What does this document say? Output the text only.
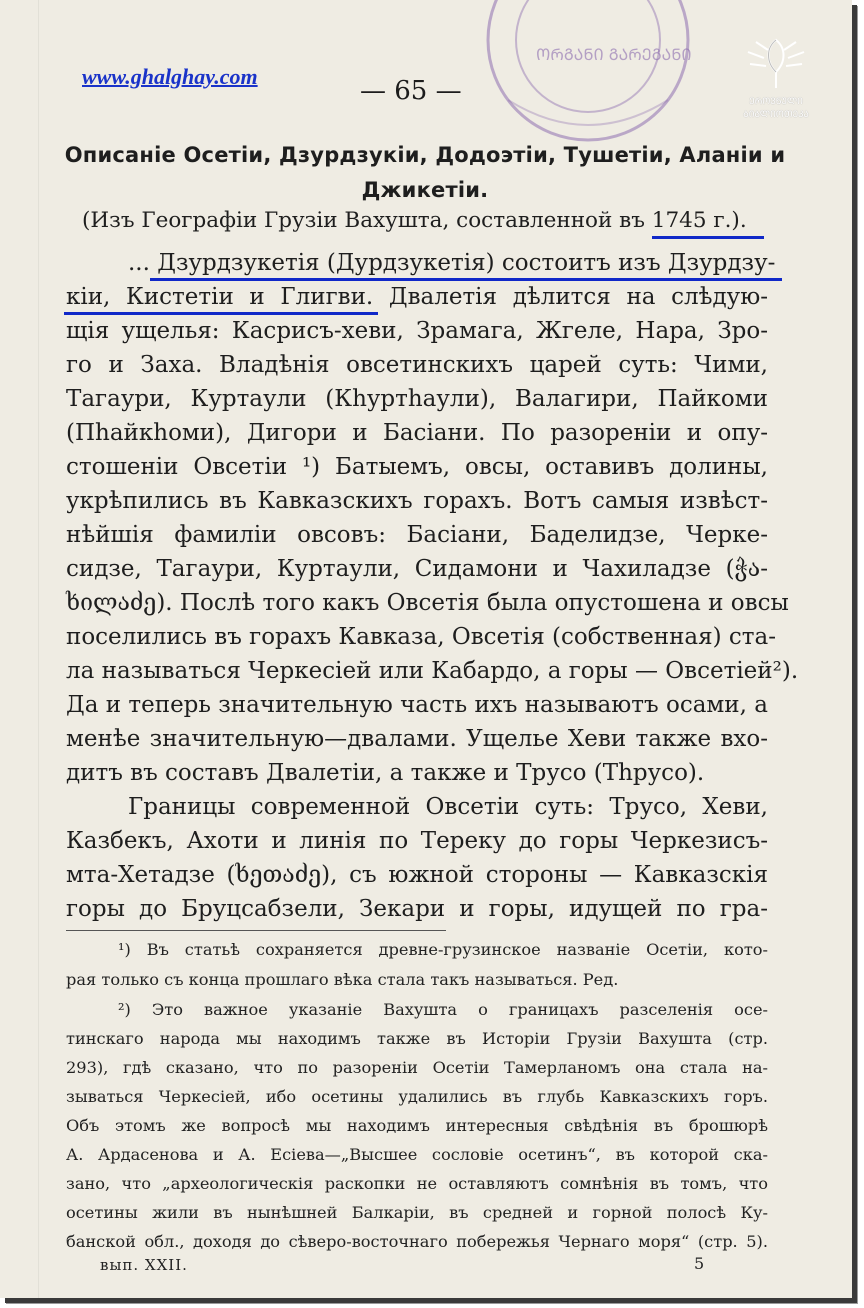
www.ghalghay.com	— 65 —
ᲝᲠᲒᲐᲜᲘ ᲒᲐᲠᲔᲒᲐᲜᲘ
ᲔᲠᲝᲕᲜᲣᲚᲘ
ᲑᲘᲑᲚᲘᲝᲗᲔᲙᲐ
Описаніе Осетіи, Дзурдзукіи, Додоэтіи, Тушетіи, Аланіи и
Джикетіи.
(Изъ Географіи Грузіи Вахушта, составленной въ 1745 г.).
... Дзурдзукетія (Дурдзукетія) состоитъ изъ Дзурдзу-
кіи, Кистетіи и Глигви. Двалетія дѣлится на слѣдую-
щія ущелья: Касрисъ-хеви, Зрамага, Жгеле, Нара, Зро-
го и Заха. Владѣнія овсетинскихъ царей суть: Чими,
Тагаури, Куртаули (Кһуртһаули), Валагири, Пайкоми
(Пһайкһоми), Дигори и Басіани. По разореніи и опу-
стошеніи Овсетіи ¹) Батыемъ, овсы, оставивъ долины,
укрѣпились въ Кавказскихъ горахъ. Вотъ самыя извѣст-
нѣйшія фамиліи овсовъ: Басіани, Баделидзе, Черке-
сидзе, Тагаури, Куртаули, Сидамони и Чахиладзе (ჭა-
ხილაძე). Послѣ того какъ Овсетія была опустошена и овсы
поселились въ горахъ Кавказа, Овсетія (собственная) ста-
ла называться Черкесіей или Кабардо, а горы — Овсетіей²).
Да и теперь значительную часть ихъ называютъ осами, а
менѣе значительную—двалами. Ущелье Хеви также вхо-
дитъ въ составъ Двалетіи, а также и Трусо (Тһрусо).
Границы современной Овсетіи суть: Трусо, Хеви,
Казбекъ, Ахоти и линія по Тереку до горы Черкезисъ-
мта-Хетадзе (ხეთაძე), съ южной стороны — Кавказскія
горы до Бруцсабзели, Зекари и горы, идущей по гра-
¹) Въ статьѣ сохраняется древне-грузинское названіе Осетіи, кото-
рая только съ конца прошлаго вѣка стала такъ называться. Ред.
²) Это важное указаніе Вахушта о границахъ разселенія осе-
тинскаго народа мы находимъ также въ Исторіи Грузіи Вахушта (стр.
293), гдѣ сказано, что по разореніи Осетіи Тамерланомъ она стала на-
зываться Черкесіей, ибо осетины удалились въ глубь Кавказскихъ горъ.
Объ этомъ же вопросѣ мы находимъ интересныя свѣдѣнія въ брошюрѣ
А. Ардасенова и А. Есіева—„Высшее сословіе осетинъ“, въ которой ска-
зано, что „археологическія раскопки не оставляютъ сомнѣнія въ томъ, что
осетины жили въ нынѣшней Балкаріи, въ средней и горной полосѣ Ку-
банской обл., доходя до сѣверо-восточнаго побережья Чернаго моря“ (стр. 5).
вып. XXII.	5
